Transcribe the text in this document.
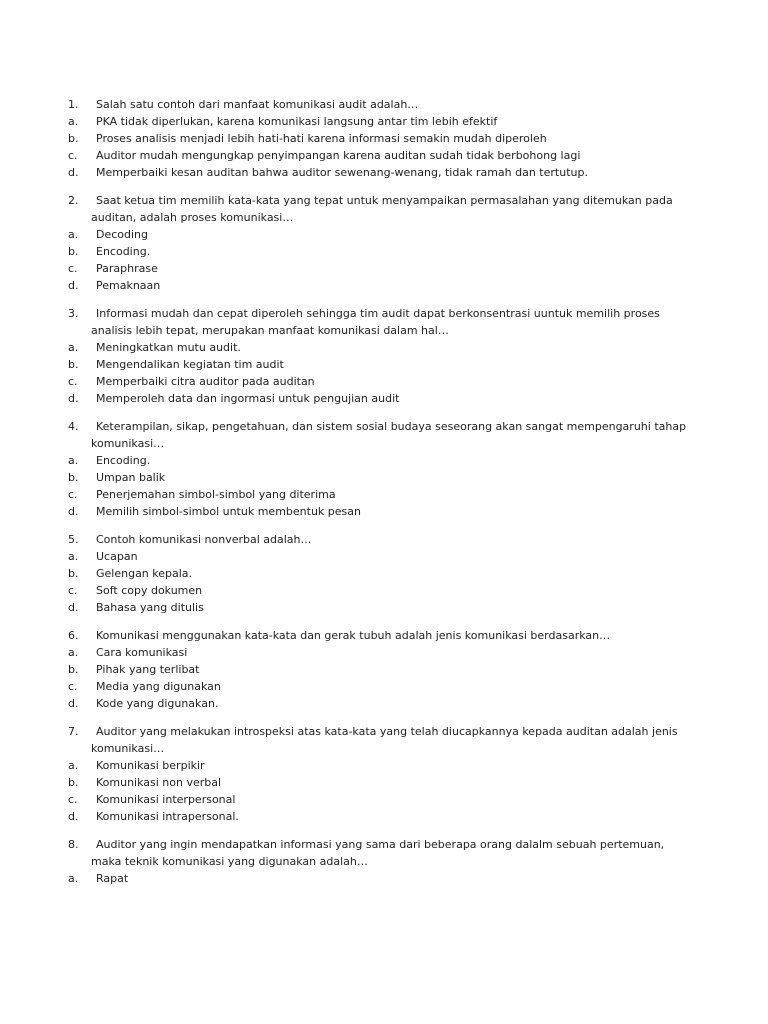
1. Salah satu contoh dari manfaat komunikasi audit adalah…
a. PKA tidak diperlukan, karena komunikasi langsung antar tim lebih efektif
b. Proses analisis menjadi lebih hati-hati karena informasi semakin mudah diperoleh
c. Auditor mudah mengungkap penyimpangan karena auditan sudah tidak berbohong lagi
d. Memperbaiki kesan auditan bahwa auditor sewenang-wenang, tidak ramah dan tertutup.
2. Saat ketua tim memilih kata-kata yang tepat untuk menyampaikan permasalahan yang ditemukan pada
auditan, adalah proses komunikasi…
a. Decoding
b. Encoding.
c. Paraphrase
d. Pemaknaan
3. Informasi mudah dan cepat diperoleh sehingga tim audit dapat berkonsentrasi uuntuk memilih proses
analisis lebih tepat, merupakan manfaat komunikasi dalam hal…
a. Meningkatkan mutu audit.
b. Mengendalikan kegiatan tim audit
c. Memperbaiki citra auditor pada auditan
d. Memperoleh data dan ingormasi untuk pengujian audit
4. Keterampilan, sikap, pengetahuan, dan sistem sosial budaya seseorang akan sangat mempengaruhi tahap
komunikasi…
a. Encoding.
b. Umpan balik
c. Penerjemahan simbol-simbol yang diterima
d. Memilih simbol-simbol untuk membentuk pesan
5. Contoh komunikasi nonverbal adalah…
a. Ucapan
b. Gelengan kepala.
c. Soft copy dokumen
d. Bahasa yang ditulis
6. Komunikasi menggunakan kata-kata dan gerak tubuh adalah jenis komunikasi berdasarkan…
a. Cara komunikasi
b. Pihak yang terlibat
c. Media yang digunakan
d. Kode yang digunakan.
7. Auditor yang melakukan introspeksi atas kata-kata yang telah diucapkannya kepada auditan adalah jenis
komunikasi…
a. Komunikasi berpikir
b. Komunikasi non verbal
c. Komunikasi interpersonal
d. Komunikasi intrapersonal.
8. Auditor yang ingin mendapatkan informasi yang sama dari beberapa orang dalalm sebuah pertemuan,
maka teknik komunikasi yang digunakan adalah…
a. Rapat
